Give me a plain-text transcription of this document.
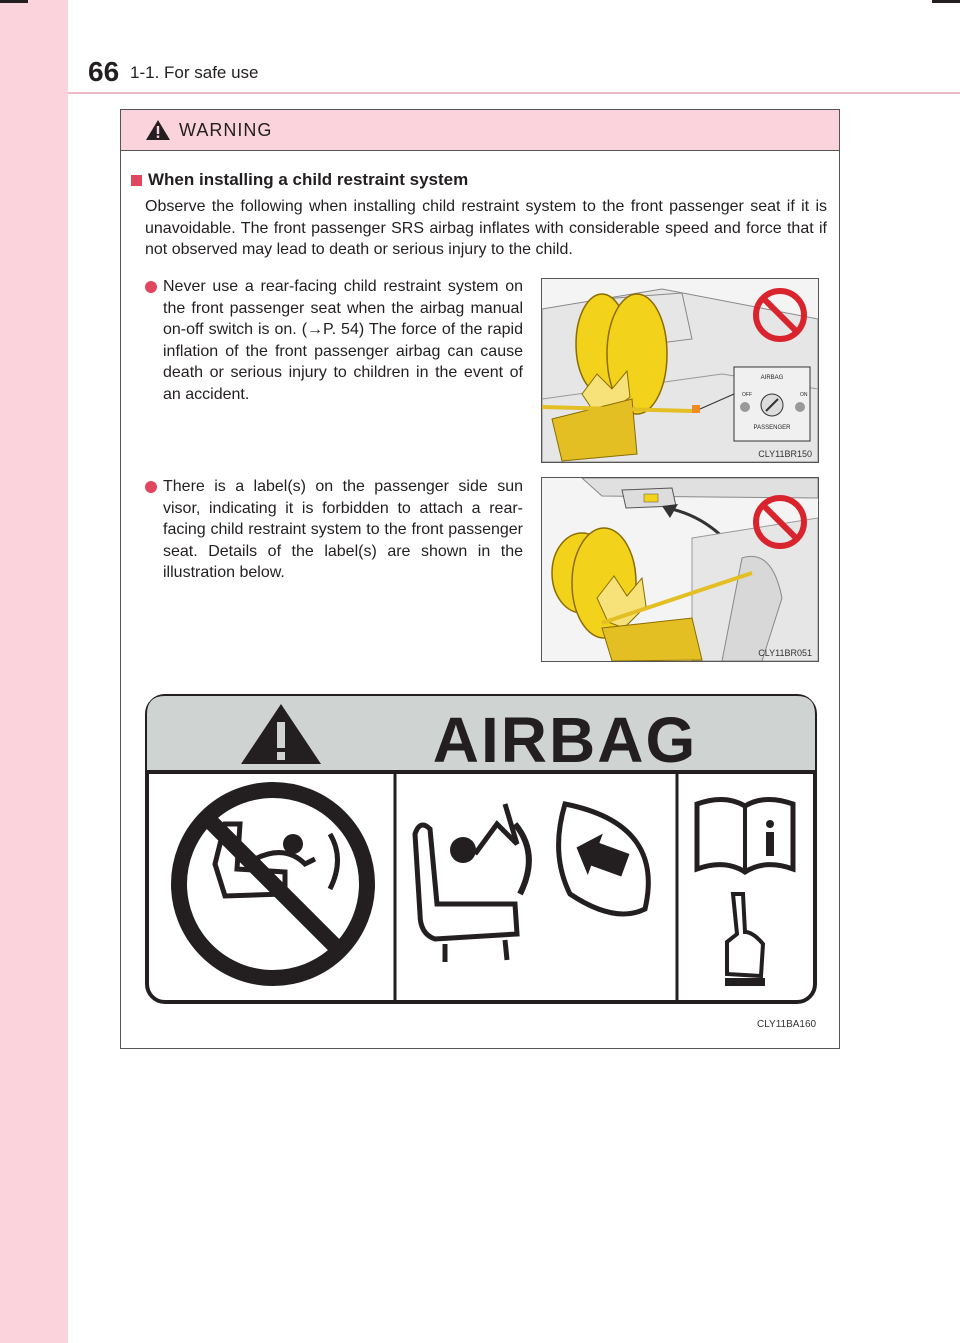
66 1-1. For safe use
WARNING
When installing a child restraint system
Observe the following when installing child restraint system to the front passenger seat if it is unavoidable. The front passenger SRS airbag inflates with considerable speed and force that if not observed may lead to death or serious injury to the child.
Never use a rear-facing child restraint system on the front passenger seat when the airbag manual on-off switch is on. (→P. 54) The force of the rapid inflation of the front passenger airbag can cause death or serious injury to children in the event of an accident.
AIRBAG
OFF	ON
PASSENGER
CLY11BR150
There is a label(s) on the passenger side sun visor, indicating it is forbidden to attach a rear-facing child restraint system to the front passenger seat. Details of the label(s) are shown in the illustration below.
CLY11BR051
AIRBAG
CLY11BA160
